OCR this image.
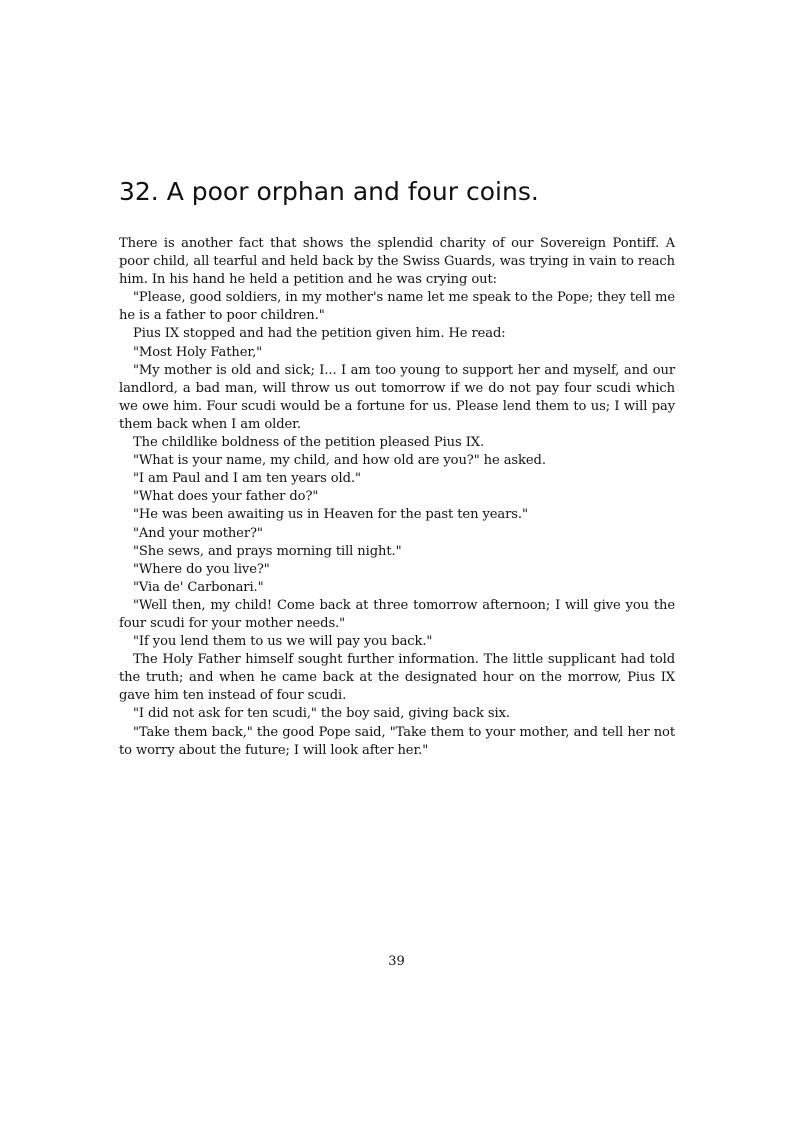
32. A poor orphan and four coins.

There is another fact that shows the splendid charity of our Sovereign Pontiff. A poor child, all tearful and held back by the Swiss Guards, was trying in vain to reach him. In his hand he held a petition and he was crying out:

"Please, good soldiers, in my mother's name let me speak to the Pope; they tell me he is a father to poor children."

Pius IX stopped and had the petition given him. He read:

"Most Holy Father,"

"My mother is old and sick; I... I am too young to support her and myself, and our landlord, a bad man, will throw us out tomorrow if we do not pay four scudi which we owe him. Four scudi would be a fortune for us. Please lend them to us; I will pay them back when I am older.

The childlike boldness of the petition pleased Pius IX.

"What is your name, my child, and how old are you?" he asked.

"I am Paul and I am ten years old."

"What does your father do?"

"He was been awaiting us in Heaven for the past ten years."

"And your mother?"

"She sews, and prays morning till night."

"Where do you live?"

"Via de' Carbonari."

"Well then, my child! Come back at three tomorrow afternoon; I will give you the four scudi for your mother needs."

"If you lend them to us we will pay you back."

The Holy Father himself sought further information. The little supplicant had told the truth; and when he came back at the designated hour on the morrow, Pius IX gave him ten instead of four scudi.

"I did not ask for ten scudi," the boy said, giving back six.

"Take them back," the good Pope said, "Take them to your mother, and tell her not to worry about the future; I will look after her."

39
